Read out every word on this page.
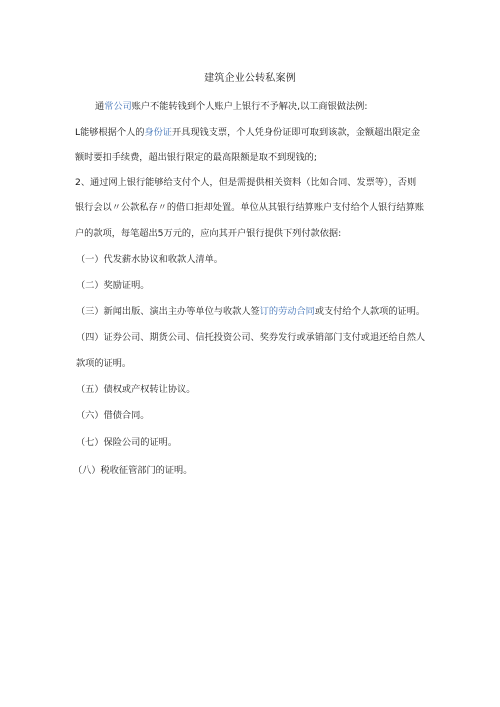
建筑企业公转私案例
通常公司账户不能转钱到个人账户上银行不予解决,以工商银做法例:
L能够根据个人的身份证开具现钱支票，个人凭身份证即可取到该款，金额超出限定金
额时要扣手续费，超出银行限定的最高限额是取不到现钱的;
2、通过网上银行能够给支付个人，但是需提供相关资料（比如合同、发票等），否则
银行会以〃公款私存〃的借口拒却处置。单位从其银行结算账户支付给个人银行结算账
户的款项，每笔超出5万元的，应向其开户银行提供下列付款依据:
（一）代发薪水协议和收款人清单。
（二）奖励证明。
（三）新闻出版、演出主办等单位与收款人签订的劳动合同或支付给个人款项的证明。
（四）证券公司、期货公司、信托投资公司、奖券发行或承销部门支付或退还给自然人
款项的证明。
（五）债权或产权转让协议。
（六）借债合同。
（七）保险公司的证明。
（八）税收征管部门的证明。
